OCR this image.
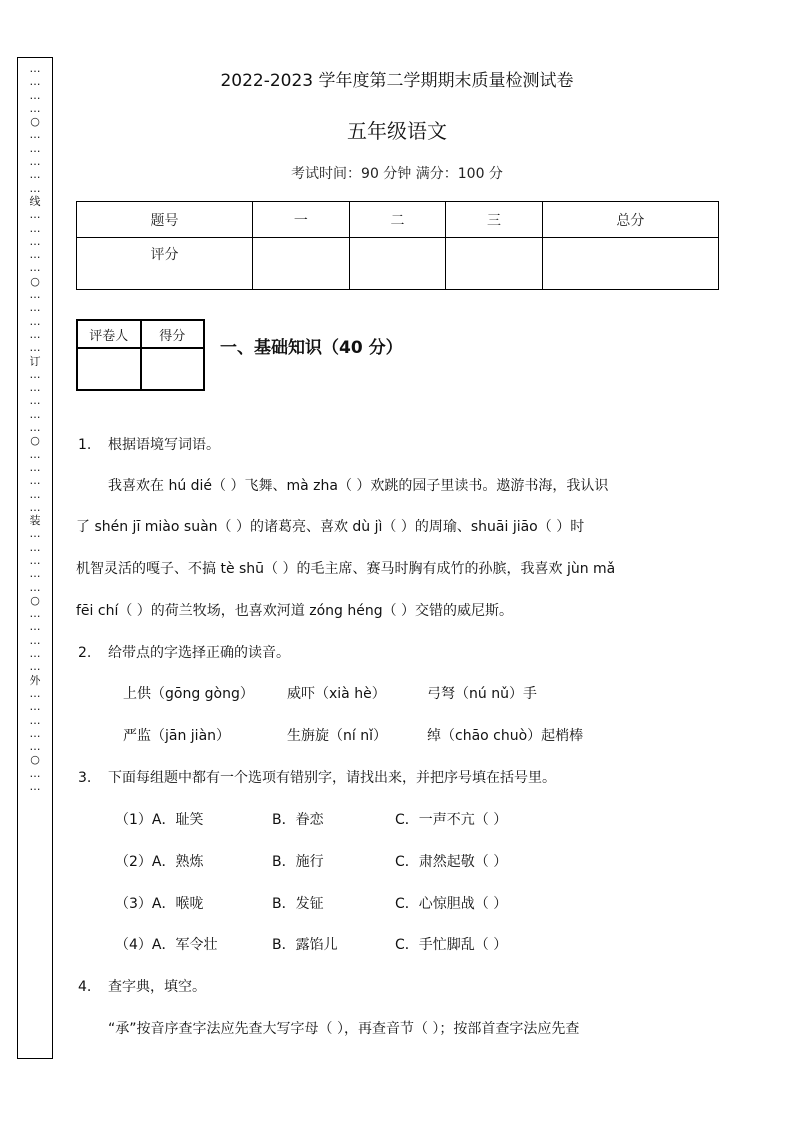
…
…
…
…
○
…
…
…
…
…
线
…
…
…
…
…
○
…
…
…
…
…
订
…
…
…
…
…
○
…
…
…
…
…
装
…
…
…
…
…
○
…
…
…
…
…
外
…
…
…
…
…
○
…
…
2022-2023 学年度第二学期期末质量检测试卷
五年级语文
考试时间：90 分钟 满分：100 分
题号	一	二	三	总分
评分				
评卷人	得分

一、基础知识（40 分）
1. 根据语境写词语。
我喜欢在 hú dié（ ）飞舞、mà zha（ ）欢跳的园子里读书。遨游书海，我认识
了 shén jī miào suàn（ ）的诸葛亮、喜欢 dù jì（ ）的周瑜、shuāi jiāo（ ）时
机智灵活的嘎子、不搞 tè shū（ ）的毛主席、赛马时胸有成竹的孙膑，我喜欢 jùn mǎ
fēi chí（ ）的荷兰牧场，也喜欢河道 zóng héng（ ）交错的威尼斯。
2. 给带点的字选择正确的读音。
上供（gōng gòng） 威吓（xià hè）	弓弩（nú nǔ）手
严监（jān jiàn）	生旃旋（ní nǐ）	绰（chāo chuò）起梢棒
3. 下面每组题中都有一个选项有错别字，请找出来，并把序号填在括号里。
（1）A．耻笑	B．眷恋	C．一声不亢（ ）
（2）A．熟炼	B．施行	C．肃然起敬（ ）
（3）A．喉咙	B．发钲	C．心惊胆战（ ）
（4）A．军令壮	B．露馅儿	C．手忙脚乱（ ）
4. 查字典，填空。
“承”按音序查字法应先查大写字母（ ），再查音节（ ）；按部首查字法应先查
